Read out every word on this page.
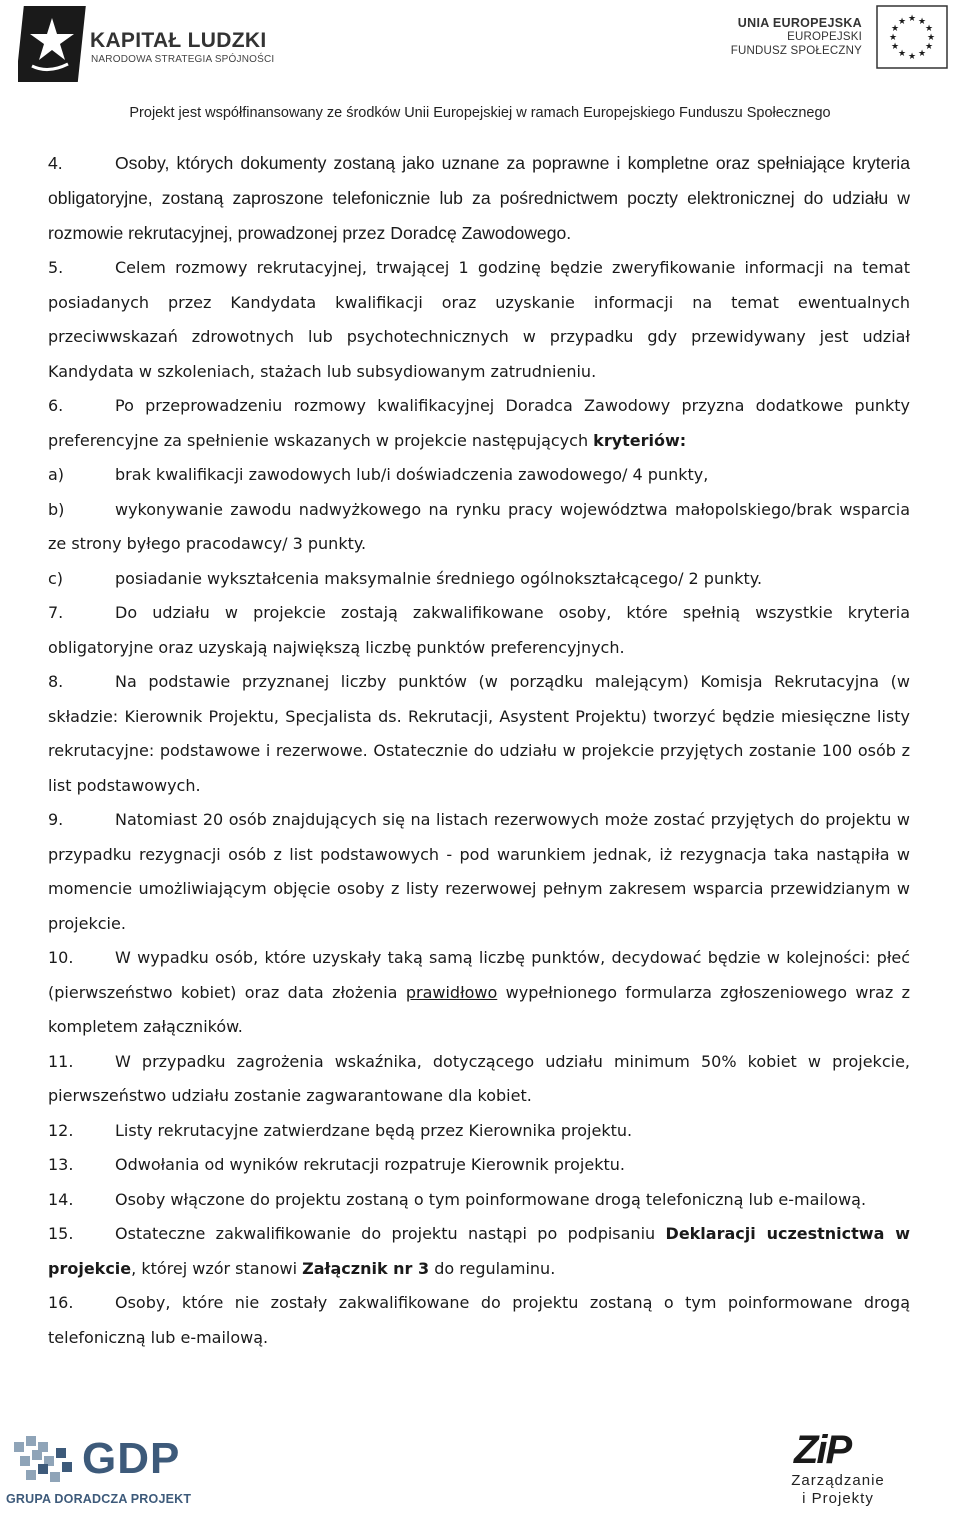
KAPITAŁ LUDZKI
NARODOWA STRATEGIA SPÓJNOŚCI
UNIA EUROPEJSKA
EUROPEJSKI
FUNDUSZ SPOŁECZNY
★ ★
★
★
★
★
★
★
★
★
★
★
Projekt jest współfinansowany ze środków Unii Europejskiej w ramach Europejskiego Funduszu Społecznego

4.	Osoby, których dokumenty zostaną jako uznane za poprawne i kompletne oraz spełniające kryteria obligatoryjne, zostaną zaproszone telefonicznie lub za pośrednictwem poczty elektronicznej do udziału w rozmowie rekrutacyjnej, prowadzonej przez Doradcę Zawodowego.

5.	Celem rozmowy rekrutacyjnej, trwającej 1 godzinę będzie zweryfikowanie informacji na temat posiadanych przez Kandydata kwalifikacji oraz uzyskanie informacji na temat ewentualnych przeciwwskazań zdrowotnych lub psychotechnicznych w przypadku gdy przewidywany jest udział Kandydata w szkoleniach, stażach lub subsydiowanym zatrudnieniu.

6.	Po przeprowadzeniu rozmowy kwalifikacyjnej Doradca Zawodowy przyzna dodatkowe punkty preferencyjne za spełnienie wskazanych w projekcie następujących kryteriów:

a)	brak kwalifikacji zawodowych lub/i doświadczenia zawodowego/ 4 punkty,

b)	wykonywanie zawodu nadwyżkowego na rynku pracy województwa małopolskiego/brak wsparcia ze strony byłego pracodawcy/ 3 punkty.

c)	posiadanie wykształcenia maksymalnie średniego ogólnokształcącego/ 2 punkty.

7.	Do udziału w projekcie zostają zakwalifikowane osoby, które spełnią wszystkie kryteria obligatoryjne oraz uzyskają największą liczbę punktów preferencyjnych.

8.	Na podstawie przyznanej liczby punktów (w porządku malejącym) Komisja Rekrutacyjna (w składzie: Kierownik Projektu, Specjalista ds. Rekrutacji, Asystent Projektu) tworzyć będzie miesięczne listy rekrutacyjne: podstawowe i rezerwowe. Ostatecznie do udziału w projekcie przyjętych zostanie 100 osób z list podstawowych.

9.	Natomiast 20 osób znajdujących się na listach rezerwowych może zostać przyjętych do projektu w przypadku rezygnacji osób z list podstawowych - pod warunkiem jednak, iż rezygnacja taka nastąpiła w momencie umożliwiającym objęcie osoby z listy rezerwowej pełnym zakresem wsparcia przewidzianym w projekcie.

10.	W wypadku osób, które uzyskały taką samą liczbę punktów, decydować będzie w kolejności: płeć (pierwszeństwo kobiet) oraz data złożenia prawidłowo wypełnionego formularza zgłoszeniowego wraz z kompletem załączników.

11.	W przypadku zagrożenia wskaźnika, dotyczącego udziału minimum 50% kobiet w projekcie, pierwszeństwo udziału zostanie zagwarantowane dla kobiet.

12.	Listy rekrutacyjne zatwierdzane będą przez Kierownika projektu.

13.	Odwołania od wyników rekrutacji rozpatruje Kierownik projektu.

14.	Osoby włączone do projektu zostaną o tym poinformowane drogą telefoniczną lub e-mailową.

15.	Ostateczne zakwalifikowanie do projektu nastąpi po podpisaniu Deklaracji uczestnictwa w projekcie, której wzór stanowi Załącznik nr 3 do regulaminu.

16.	Osoby, które nie zostały zakwalifikowane do projektu zostaną o tym poinformowane drogą telefoniczną lub e-mailową.

GDP
GRUPA DORADCZA PROJEKT
ZiP
Zarządzanie
i Projekty
